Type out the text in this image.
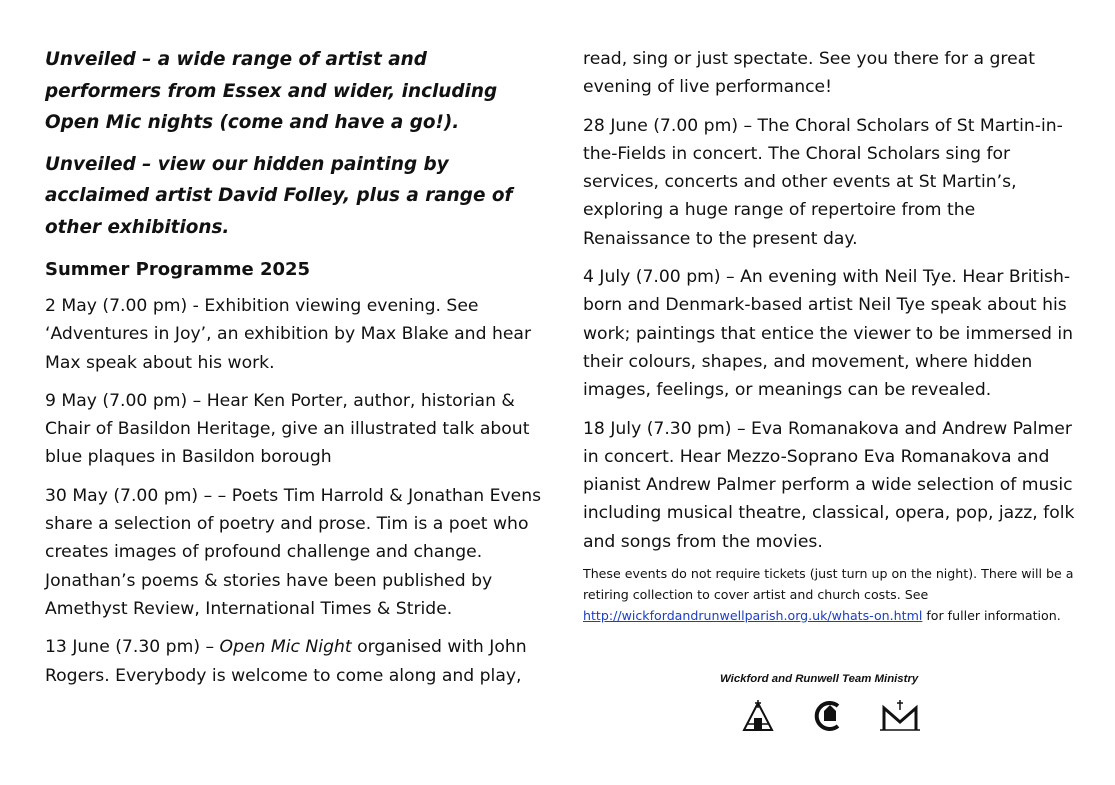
Unveiled – a wide range of artist and performers from Essex and wider, including Open Mic nights (come and have a go!).

Unveiled – view our hidden painting by acclaimed artist David Folley, plus a range of other exhibitions.

Summer Programme 2025

2 May (7.00 pm) - Exhibition viewing evening. See ‘Adventures in Joy’, an exhibition by Max Blake and hear Max speak about his work.

9 May (7.00 pm) – Hear Ken Porter, author, historian & Chair of Basildon Heritage, give an illustrated talk about blue plaques in Basildon borough

30 May (7.00 pm) – – Poets Tim Harrold & Jonathan Evens share a selection of poetry and prose. Tim is a poet who creates images of profound challenge and change. Jonathan’s poems & stories have been published by Amethyst Review, International Times & Stride.

13 June (7.30 pm) – Open Mic Night organised with John Rogers. Everybody is welcome to come along and play,

read, sing or just spectate. See you there for a great evening of live performance!

28 June (7.00 pm) – The Choral Scholars of St Martin-in-the-Fields in concert. The Choral Scholars sing for services, concerts and other events at St Martin’s, exploring a huge range of repertoire from the Renaissance to the present day.

4 July (7.00 pm) – An evening with Neil Tye. Hear British-born and Denmark-based artist Neil Tye speak about his work; paintings that entice the viewer to be immersed in their colours, shapes, and movement, where hidden images, feelings, or meanings can be revealed.

18 July (7.30 pm) – Eva Romanakova and Andrew Palmer in concert. Hear Mezzo-Soprano Eva Romanakova and pianist Andrew Palmer perform a wide selection of music including musical theatre, classical, opera, pop, jazz, folk and songs from the movies.

These events do not require tickets (just turn up on the night). There will be a retiring collection to cover artist and church costs. See http://wickfordandrunwellparish.org.uk/whats-on.html for fuller information.

Wickford and Runwell Team Ministry
